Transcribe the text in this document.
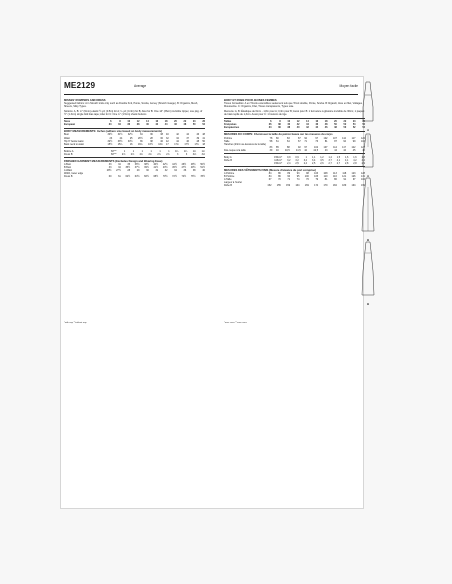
ME2129	Average	Moyen facile
MISSES' ROMPERS AND DRESS
Suggested fabrics: A in Stretch knits only such as Double Knit, Ponte, Scuba, Jersey (Stretch Gauge). B: Organza, Mesh, Sheers, Silky Types.
Notions: A, B: ¼" (6mm) elastic ½ yd; (0.5m) for A; ¼ yd; (0.3m) for B; Also for B: One 14" (36cm) invisible zipper, one pkg. of ½" (1.3cm) single fold bias tape; Also for C: One ¾" (1.5cm) shank buttons
Sizes	6	8	10	12	14	16	18	20	22	24	26
European	34	34	36	38	40	42	44	46	48	50	52
BODY MEASUREMENTS: Inches (adhere size based on body measurements)
Bust	30½	31½	32½	34	36	38	40	42	44	46	48
Waist	23	24	25	26½	28	30	32	34	37	39	41
Hip 9" below waist	32½	33½	34½	36	38	40	42	44	46	48	50
Back neck to waist	15½	15¾	16	16¼	16½	16¾	17	17¼	17½	17¾	18
Bodice A	60"**	1	1	1	1	1	1	1¼	1¼	1¼	1¼
Dress B	60"**	2⅝	2⅝	2¾	2¾	2⅞	2⅞	3	3	3⅛	3⅛
FINISHED GARMENT MEASUREMENTS (Excludes Design and Wearing Ease)
A Bust	33	34	35	36½	38½	40½	42½	44½	46½	48½	50½
B Bust	33	34	35½	37½	39½	41½	43½	45½	47½	49½	51½
A Waist	28½	27½	28	29	30	31	32	34	36	38	40
Width, lower edge											
Dress B	60	61	62½	64½	66½	68½	70½	72½	74½	76½	78½
BODY ET ROBE POUR JEUNES FEMMES
Tissus Conseillés: A en Tricots extensibles seulement tels que Tricot double, Ponte, Scuba. B Organdi, tissu en filet, Voilages, Mousseline. C: Organza, Filet, Tissus transparents, Types soie.
Mercerie: A, B: Élastique de 6mm - 1,8m pour A; 0,3m pour B; Aussi pour B: 1 fermeture à glissière invisible de 36cm; 1 paquet de biais replié de 1,3cm. Aussi pour C: 1 boutons de tige.
Tailles	6	8	10	12	14	16	18	20	22	24	26
Françaises	36	38	40	42	44	46	48	50	52	54	56
Européennes	34	36	38	40	42	44	46	48	50	52	54
MESURES DU CORPS: Choisissez la taille du patron basée sur les mesures du corps
Poitrine	78	80	83	87	92	97	102	107	112	117	122
Taille	58	61	64	67	71	76	81	87	94	99	104
Hanches (23cm au-dessous de la taille)											
	83	85	88	92	97	102	107	112	117	122	127
Dos-nuque à la taille	39	40	40,5	41,5	42	42,5	43	44	44	45	46
Body A	150cm*	0,9	0,9	1	1,1	1,2	1,4	1,5	1,6	1,6	1,8
Robe B	115cm*	3,2	3,2	3,4	3,4	3,5	3,7	4,1	4,1	4,2	4,2
	150cm*	2,4	2,5	2,4	2,5	2,6	2,7	2,7	2,8	2,8	2,9
MESURES DES VÊTEMENTS FINIS (Mesure d'aisance du port comprise)
A Poitrine	84	86	89	93	98	103	108	113	118	123	128
B Poitrine	84	86	90	95	100	105	110	116	121	126	131
A Taille	67	70	71	74	76	79	81	86	91	97	102
Largeur à l'ourlet											
Robe B	152	155	159	164	169	174	179	184	189	194	199
*with nap **without nap	*avec sens **sans sens
A
A
B
B
